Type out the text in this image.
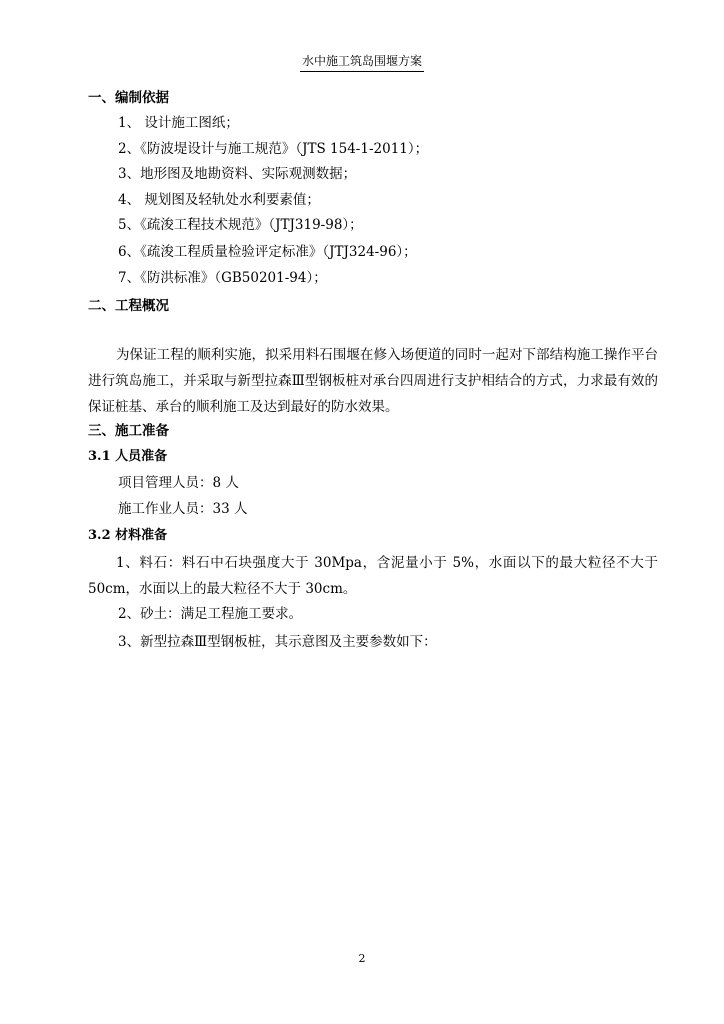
水中施工筑岛围堰方案
一、编制依据
1、 设计施工图纸；
2、《防波堤设计与施工规范》（JTS 154-1-2011）；
3、地形图及地勘资料、实际观测数据；
4、 规划图及轻轨处水利要素值；
5、《疏浚工程技术规范》（JTJ319-98）；
6、《疏浚工程质量检验评定标准》（JTJ324-96）；
7、《防洪标准》（GB50201-94）；
二、工程概况
为保证工程的顺利实施，拟采用料石围堰在修入场便道的同时一起对下部结构施工操作平台进行筑岛施工，并采取与新型拉森Ⅲ型钢板桩对承台四周进行支护相结合的方式，力求最有效的保证桩基、承台的顺利施工及达到最好的防水效果。
三、施工准备
3.1 人员准备
项目管理人员：8 人
施工作业人员：33 人
3.2 材料准备
1、料石：料石中石块强度大于 30Mpa，含泥量小于 5%，水面以下的最大粒径不大于 50cm，水面以上的最大粒径不大于 30cm。
2、砂土：满足工程施工要求。
3、新型拉森Ⅲ型钢板桩，其示意图及主要参数如下：
2
